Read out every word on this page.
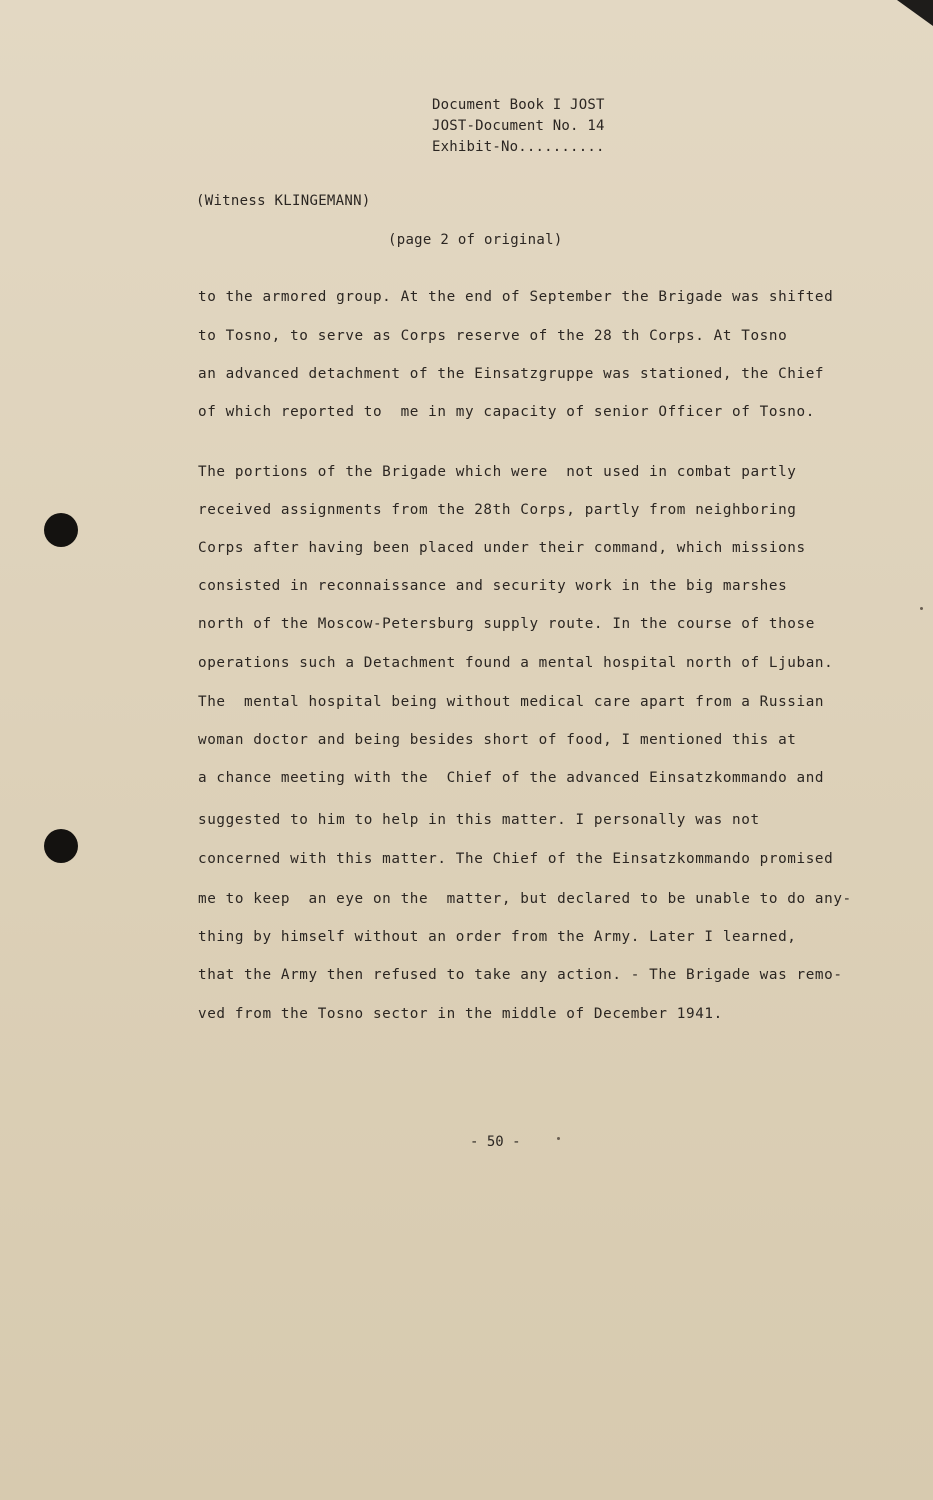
Document Book I JOST
JOST-Document No. 14
Exhibit-No..........
(Witness KLINGEMANN)
(page 2 of original)
to the armored group. At the end of September the Brigade was shifted
to Tosno, to serve as Corps reserve of the 28 th Corps. At Tosno
an advanced detachment of the Einsatzgruppe was stationed, the Chief
of which reported to  me in my capacity of senior Officer of Tosno.
The portions of the Brigade which were  not used in combat partly
received assignments from the 28th Corps, partly from neighboring
Corps after having been placed under their command, which missions
consisted in reconnaissance and security work in the big marshes
north of the Moscow-Petersburg supply route. In the course of those
operations such a Detachment found a mental hospital north of Ljuban.
The  mental hospital being without medical care apart from a Russian
woman doctor and being besides short of food, I mentioned this at
a chance meeting with the  Chief of the advanced Einsatzkommando and
suggested to him to help in this matter. I personally was not
concerned with this matter. The Chief of the Einsatzkommando promised
me to keep  an eye on the  matter, but declared to be unable to do any-
thing by himself without an order from the Army. Later I learned,
that the Army then refused to take any action. - The Brigade was remo-
ved from the Tosno sector in the middle of December 1941.
- 50 -
